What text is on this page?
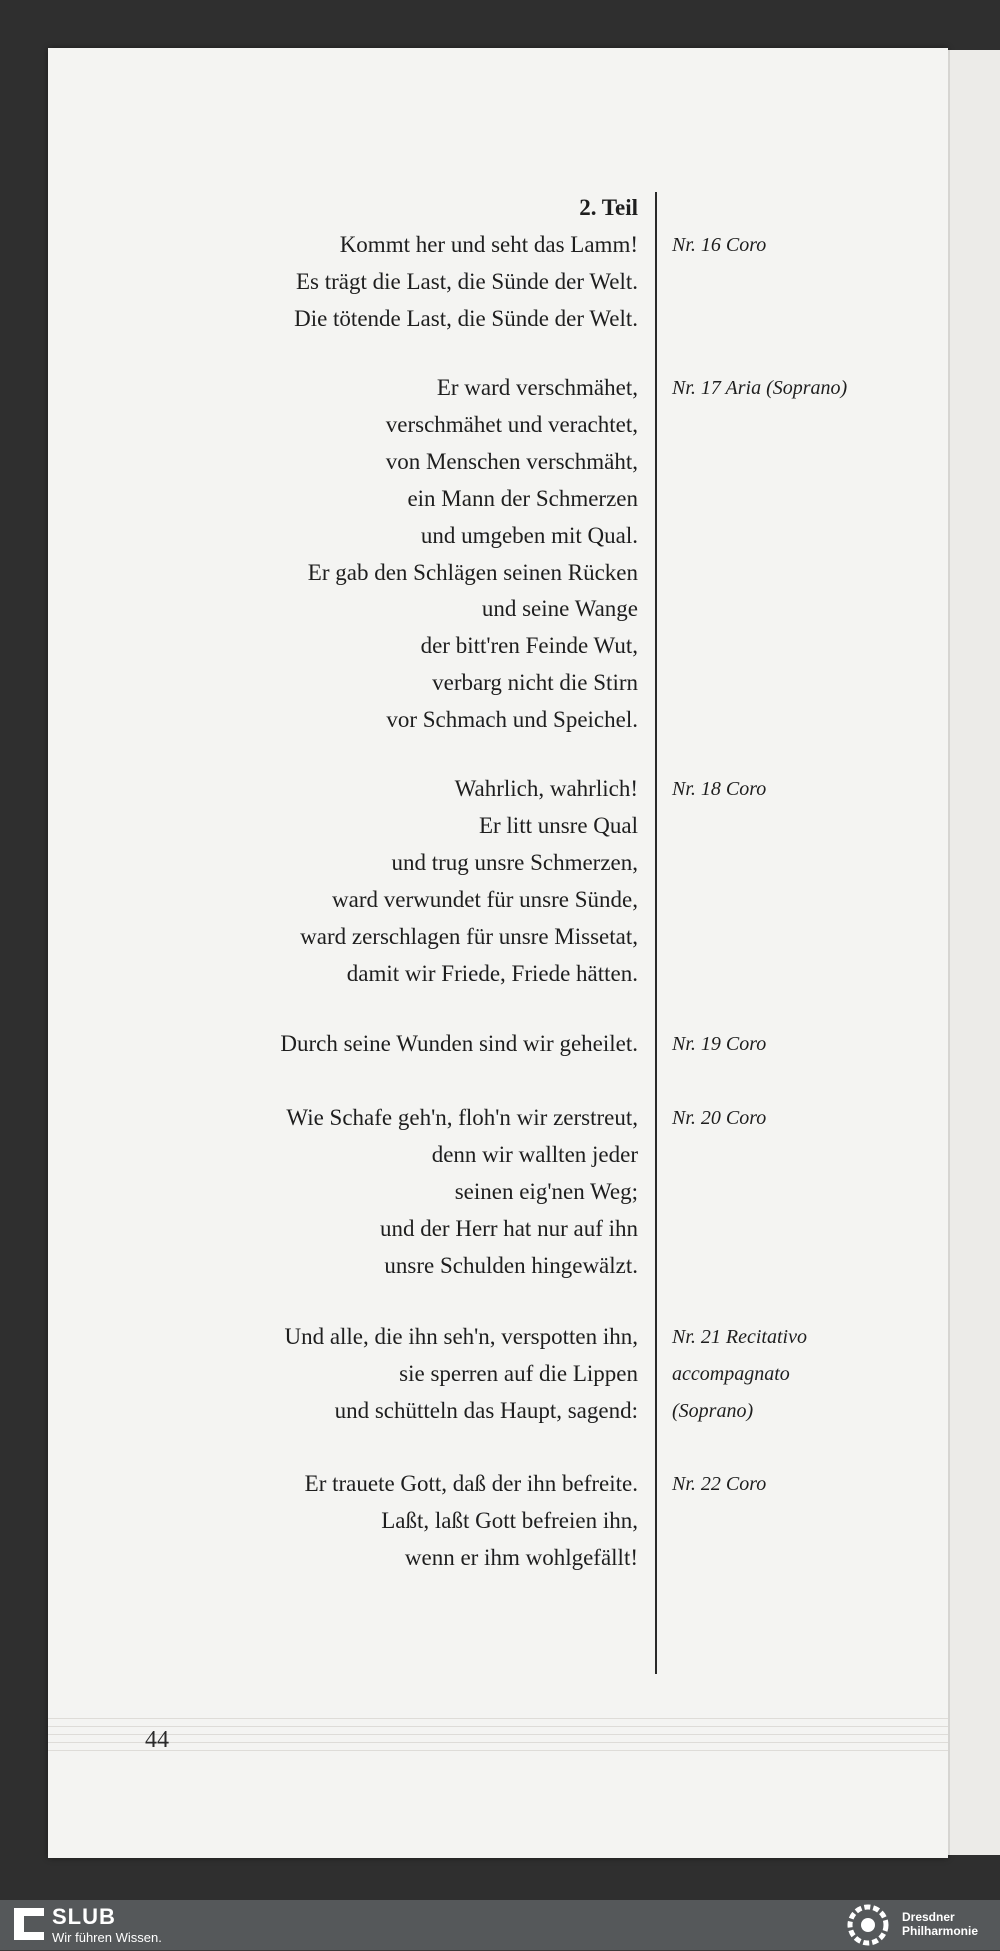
2. Teil
Kommt her und seht das Lamm!
Es trägt die Last, die Sünde der Welt.
Die tötende Last, die Sünde der Welt.
Nr. 16 Coro
Er ward verschmähet,
verschmähet und verachtet,
von Menschen verschmäht,
ein Mann der Schmerzen
und umgeben mit Qual.
Er gab den Schlägen seinen Rücken
und seine Wange
der bitt'ren Feinde Wut,
verbarg nicht die Stirn
vor Schmach und Speichel.
Nr. 17 Aria (Soprano)
Wahrlich, wahrlich!
Er litt unsre Qual
und trug unsre Schmerzen,
ward verwundet für unsre Sünde,
ward zerschlagen für unsre Missetat,
damit wir Friede, Friede hätten.
Nr. 18 Coro
Durch seine Wunden sind wir geheilet. Nr. 19 Coro
Wie Schafe geh'n, floh'n wir zerstreut,
denn wir wallten jeder
seinen eig'nen Weg;
und der Herr hat nur auf ihn
unsre Schulden hingewälzt.
Nr. 20 Coro
Und alle, die ihn seh'n, verspotten ihn,
sie sperren auf die Lippen
und schütteln das Haupt, sagend:
Nr. 21 Recitativo
accompagnato
(Soprano)
Er trauete Gott, daß der ihn befreite.
Laßt, laßt Gott befreien ihn,
wenn er ihm wohlgefällt!
Nr. 22 Coro
44
SLUB
Wir führen Wissen.
Dresdner
Philharmonie
